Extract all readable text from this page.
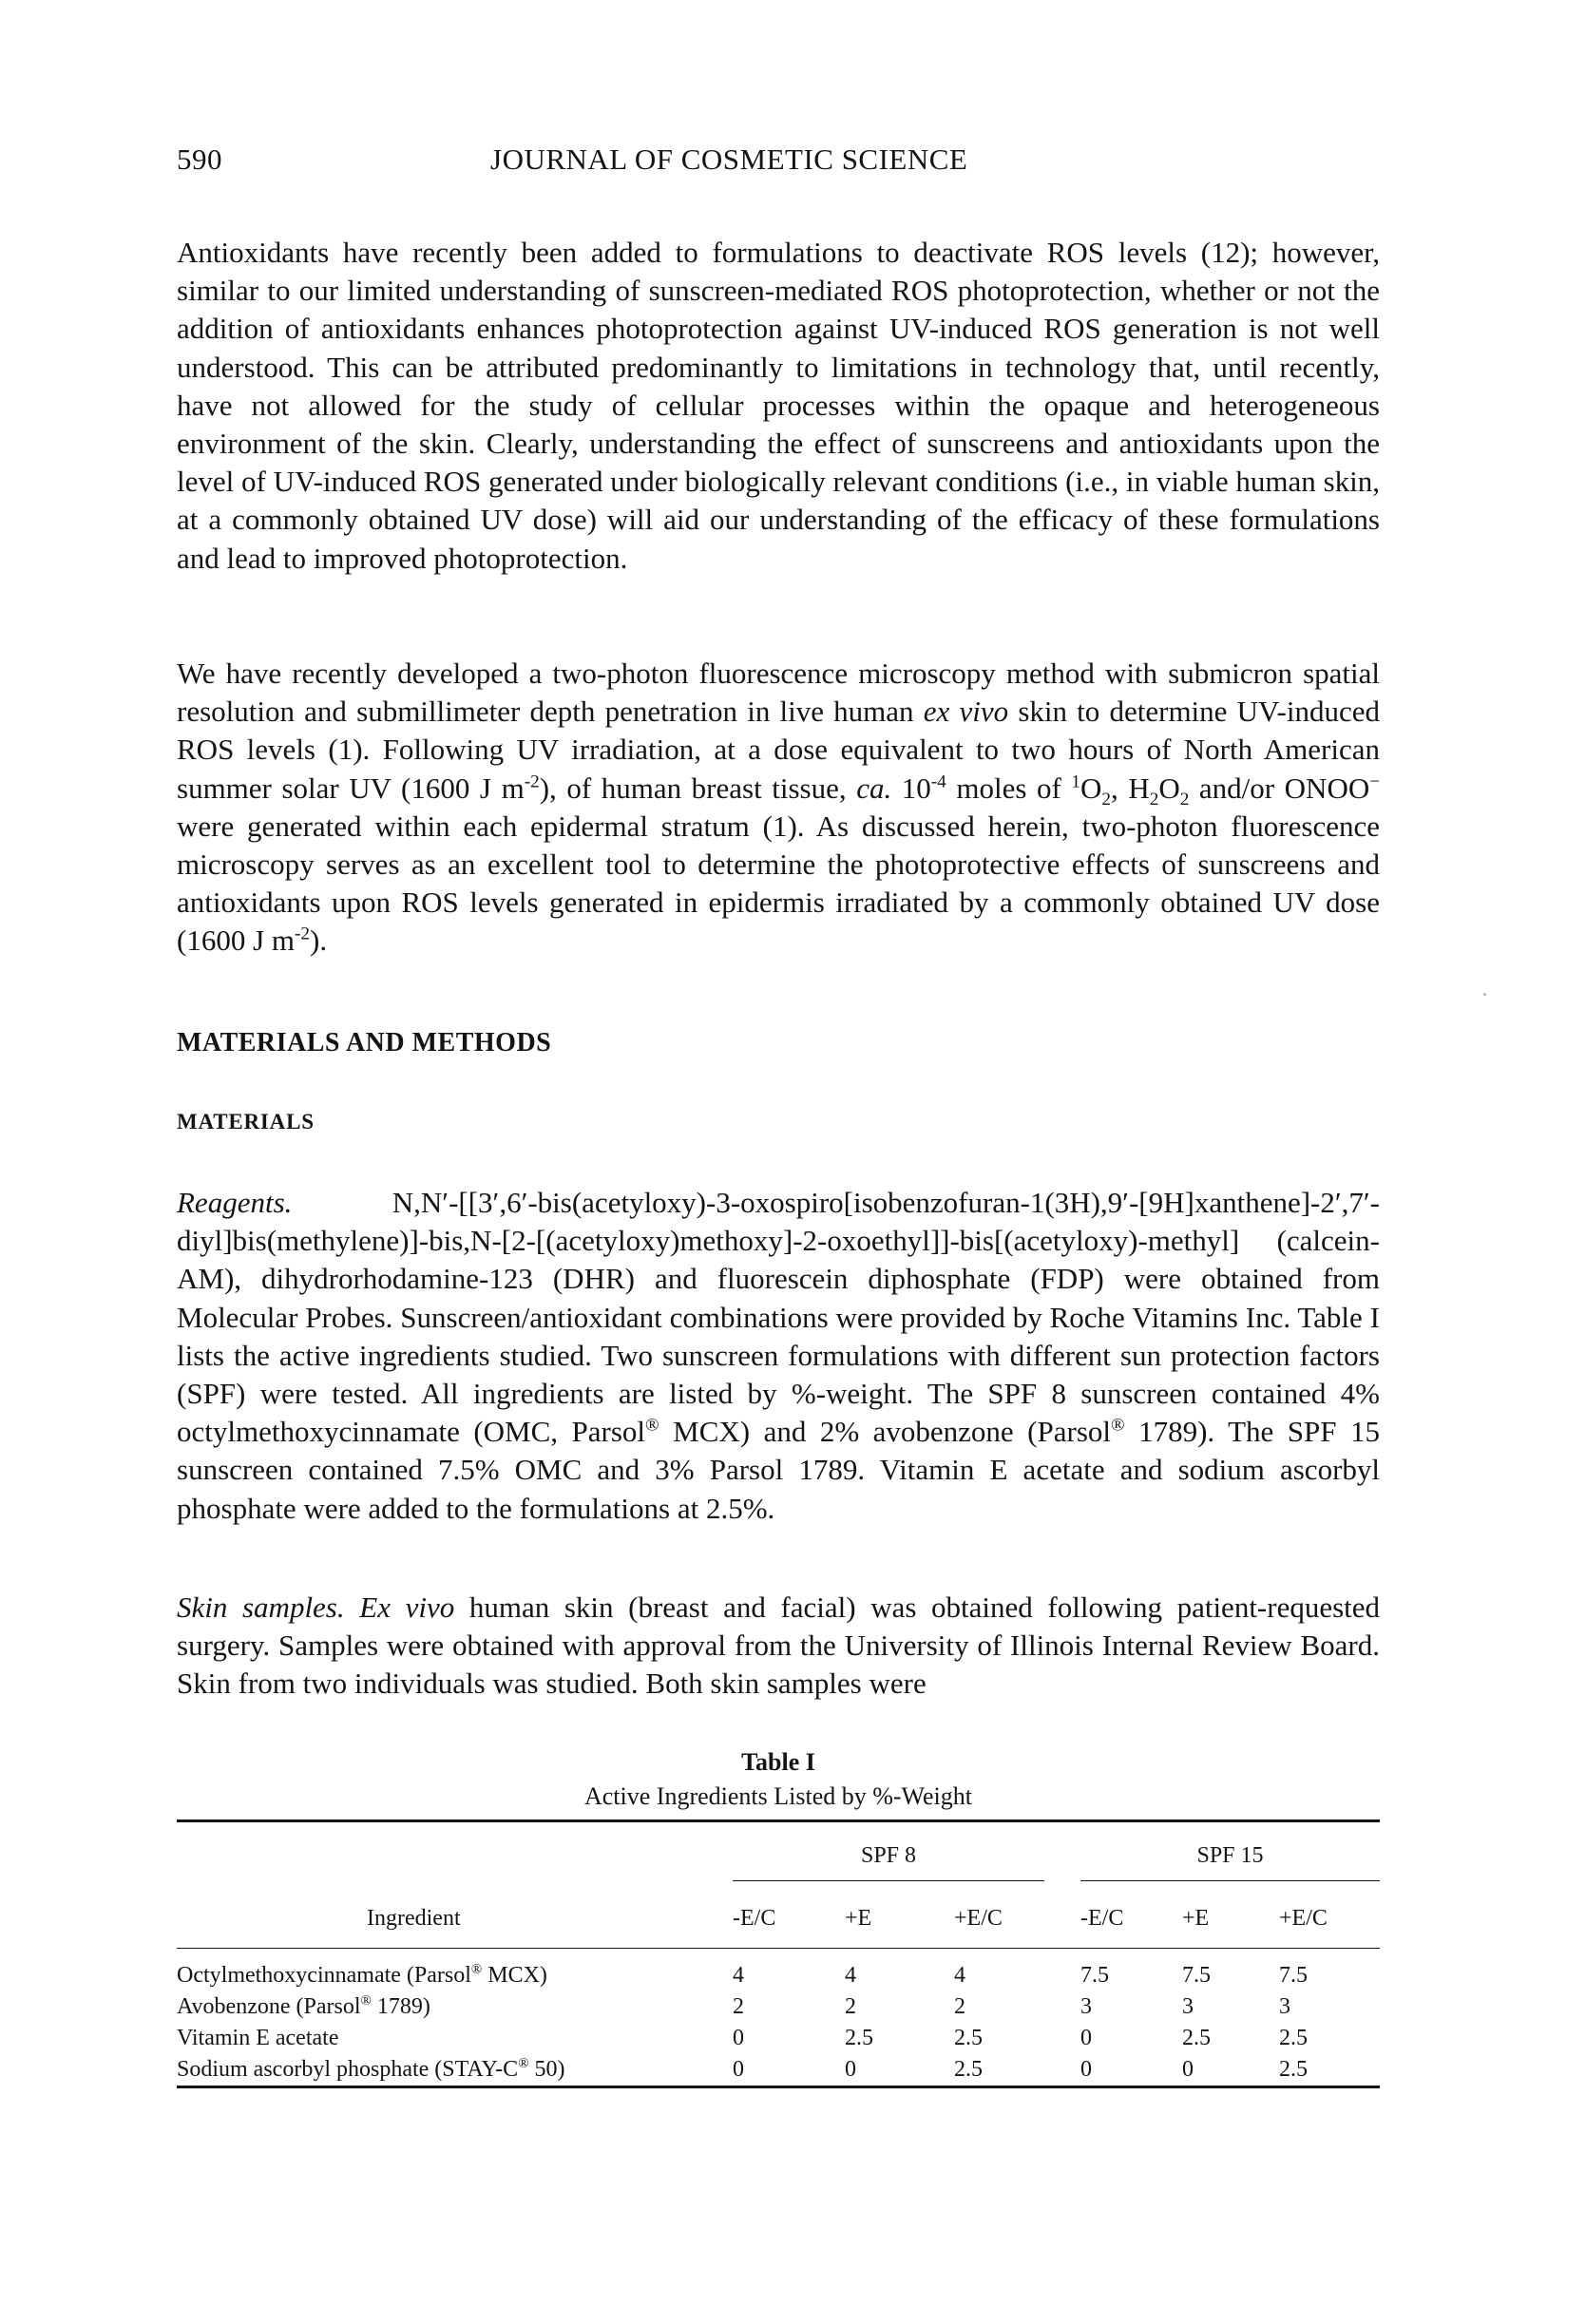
590	JOURNAL OF COSMETIC SCIENCE

Antioxidants have recently been added to formulations to deactivate ROS levels (12); however, similar to our limited understanding of sunscreen-mediated ROS photoprotection, whether or not the addition of antioxidants enhances photoprotection against UV-induced ROS generation is not well understood. This can be attributed predominantly to limitations in technology that, until recently, have not allowed for the study of cellular processes within the opaque and heterogeneous environment of the skin. Clearly, understanding the effect of sunscreens and antioxidants upon the level of UV-induced ROS generated under biologically relevant conditions (i.e., in viable human skin, at a commonly obtained UV dose) will aid our understanding of the efficacy of these formulations and lead to improved photoprotection.

We have recently developed a two-photon fluorescence microscopy method with submicron spatial resolution and submillimeter depth penetration in live human ex vivo skin to determine UV-induced ROS levels (1). Following UV irradiation, at a dose equivalent to two hours of North American summer solar UV (1600 J $m^{-2}$), of human breast tissue, ca. $10^{-4}$ moles of $^1O_2$, $H_2O_2$ and/or ONOO− were generated within each epidermal stratum (1). As discussed herein, two-photon fluorescence microscopy serves as an excellent tool to determine the photoprotective effects of sunscreens and antioxidants upon ROS levels generated in epidermis irradiated by a commonly obtained UV dose (1600 J $m^{-2}$).

MATERIALS AND METHODS
MATERIALS

Reagents.	N,N′-[[3′,6′-bis(acetyloxy)-3-oxospiro[isobenzofuran-1(3H),9′-[9H]xanthene]-2′,7′-diyl]bis(methylene)]-bis,N-[2-[(acetyloxy)methoxy]-2-oxoethyl]]-bis[(acetyloxy)-methyl] (calcein-AM), dihydrorhodamine-123 (DHR) and fluorescein diphosphate (FDP) were obtained from Molecular Probes. Sunscreen/antioxidant combinations were provided by Roche Vitamins Inc. Table I lists the active ingredients studied. Two sunscreen formulations with different sun protection factors (SPF) were tested. All ingredients are listed by %-weight. The SPF 8 sunscreen contained 4% octylmethoxycinnamate (OMC, Parsol® MCX) and 2% avobenzone (Parsol® 1789). The SPF 15 sunscreen contained 7.5% OMC and 3% Parsol 1789. Vitamin E acetate and sodium ascorbyl phosphate were added to the formulations at 2.5%.

Skin samples. Ex vivo human skin (breast and facial) was obtained following patient-requested surgery. Samples were obtained with approval from the University of Illinois Internal Review Board. Skin from two individuals was studied. Both skin samples were

Table I

Active Ingredients Listed by %-Weight

	SPF 8			SPF 15		

Ingredient	-E/C	+E	+E/C	-E/C	+E	+E/C

Octylmethoxycinnamate (Parsol® MCX)	4	4	4	7.5	7.5	7.5
Avobenzone (Parsol® 1789)	2	2	2	3	3	3
Vitamin E acetate	0	2.5	2.5	0	2.5	2.5
Sodium ascorbyl phosphate (STAY-C® 50)	0	0	2.5	0	0	2.5
